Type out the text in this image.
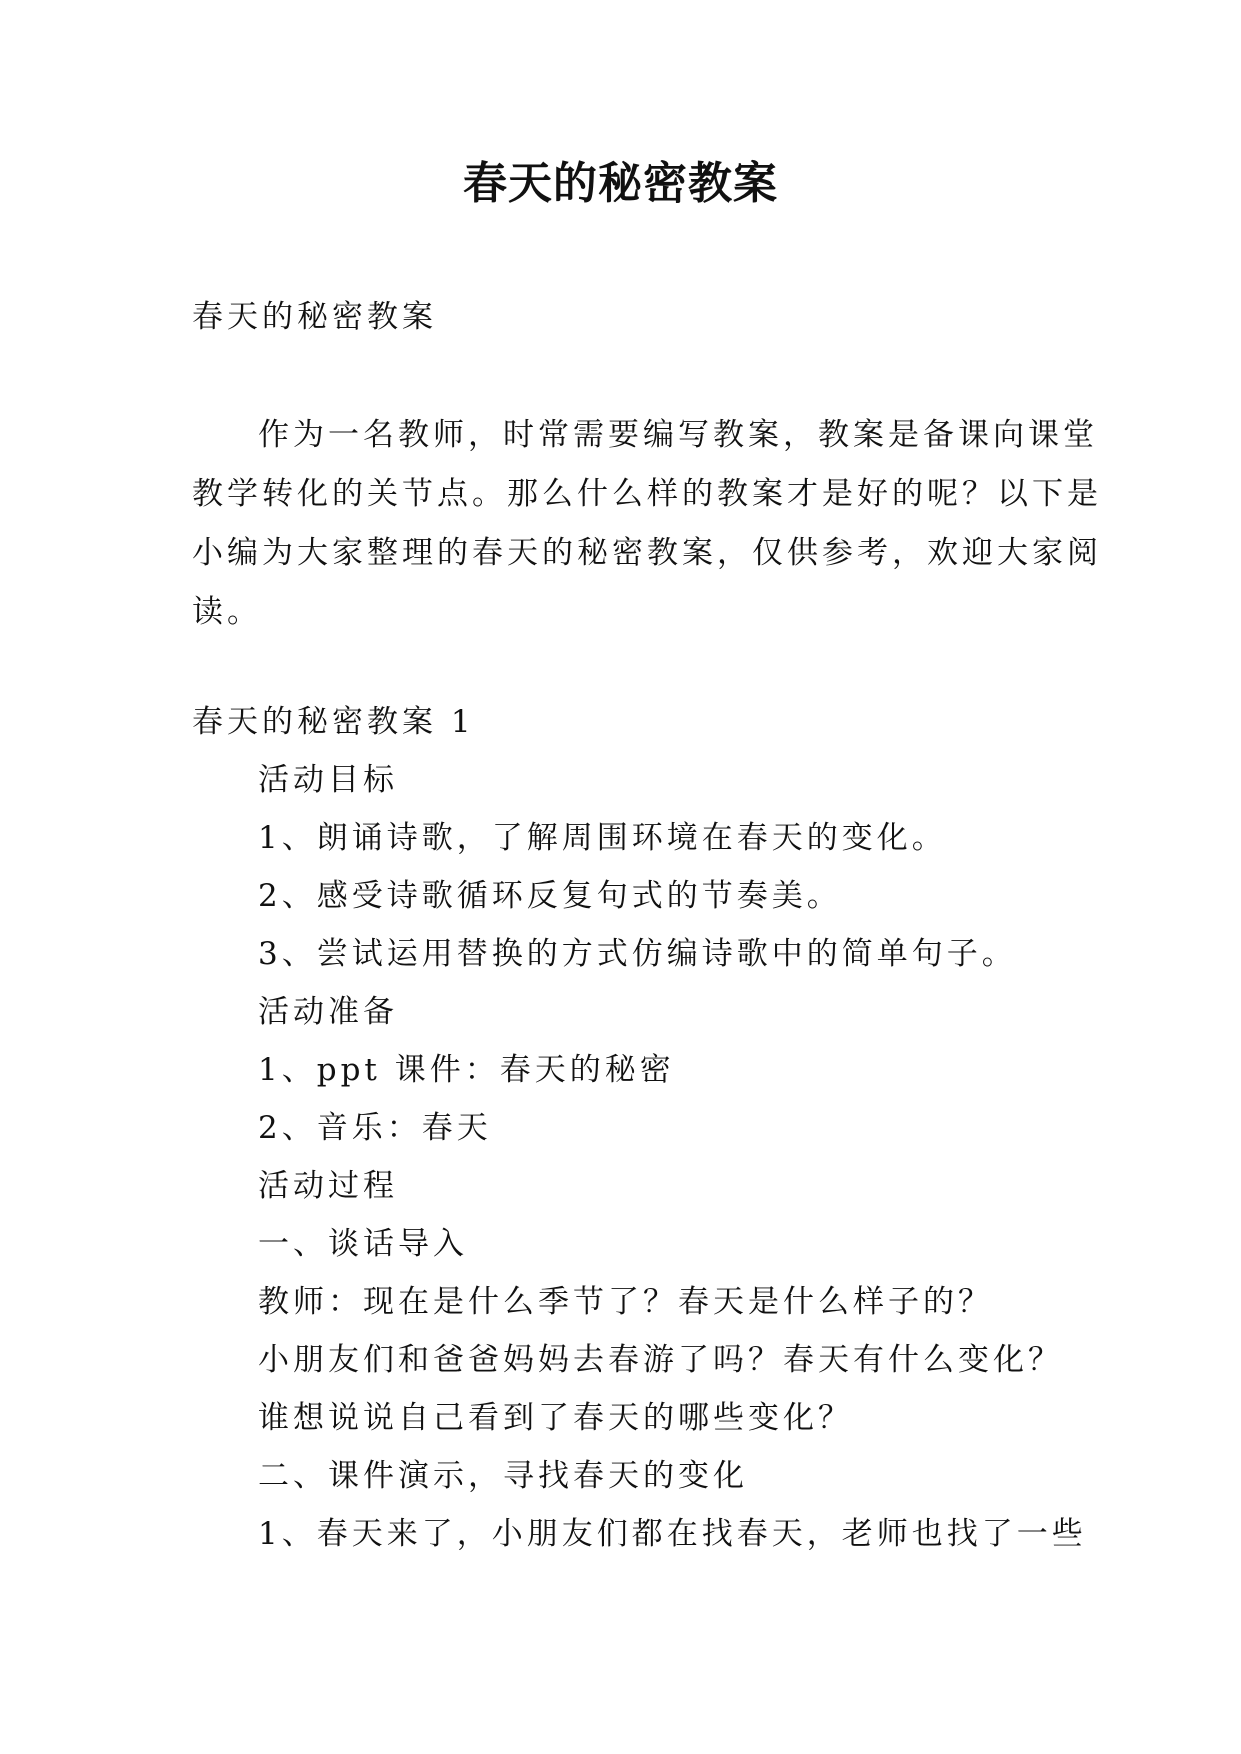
春天的秘密教案

春天的秘密教案

作为一名教师，时常需要编写教案，教案是备课向课堂
教学转化的关节点。那么什么样的教案才是好的呢？以下是
小编为大家整理的春天的秘密教案，仅供参考，欢迎大家阅
读。

春天的秘密教案 1

活动目标

1、朗诵诗歌，了解周围环境在春天的变化。

2、感受诗歌循环反复句式的节奏美。

3、尝试运用替换的方式仿编诗歌中的简单句子。

活动准备

1、ppt 课件：春天的秘密

2、音乐：春天

活动过程

一、谈话导入

教师：现在是什么季节了？春天是什么样子的？

小朋友们和爸爸妈妈去春游了吗？春天有什么变化？

谁想说说自己看到了春天的哪些变化？

二、课件演示，寻找春天的变化

1、春天来了，小朋友们都在找春天，老师也找了一些
